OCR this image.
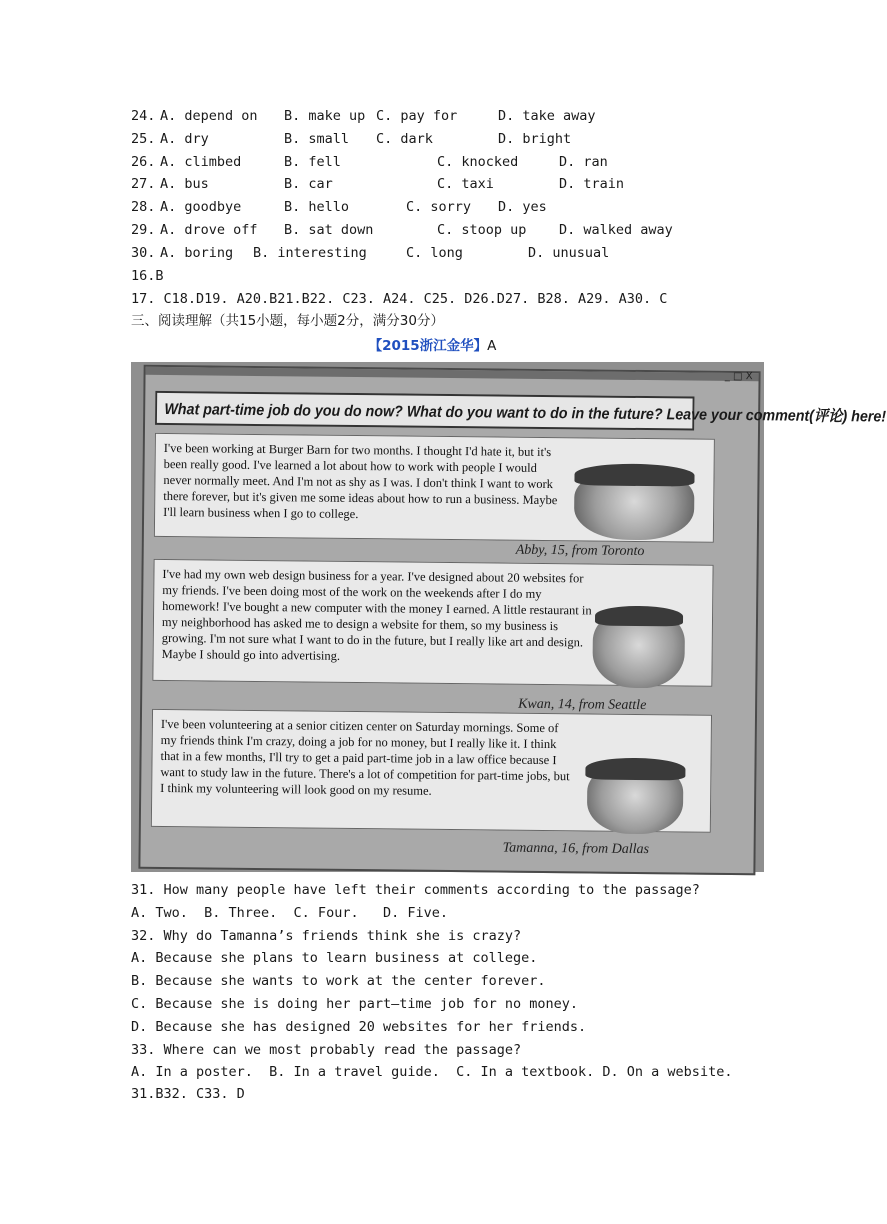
24. A. depend on B. make up C. pay for	D. take away
25. A. dry	B. small C. dark	D. bright
26. A. climbed	B. fell	C. knocked	D. ran
27. A. bus	B. car	C. taxi	D. train
28. A. goodbye	B. hello	C. sorry D. yes
29. A. drove off B. sat down	C. stoop up D. walked away
30. A. boring B. interesting	C. long	D. unusual
16.B
17. C18.D19. A20.B21.B22. C23. A24. C25. D26.D27. B28. A29. A30. C
三、阅读理解（共15小题，每小题2分，满分30分）
【2015浙江金华】A
_ □ X
What part-time job do you do now? What do you want to do in the future? Leave your comment(评论) here!

I've been working at Burger Barn for two months. I thought I'd hate it, but it's been really good. I've learned a lot about how to work with people I would never normally meet. And I'm not as shy as I was. I don't think I want to work there forever, but it's given me some ideas about how to run a business. Maybe I'll learn business when I go to college.

Abby, 15, from Toronto

I've had my own web design business for a year. I've designed about 20 websites for my friends. I've been doing most of the work on the weekends after I do my homework! I've bought a new computer with the money I earned. A little restaurant in my neighborhood has asked me to design a website for them, so my business is growing. I'm not sure what I want to do in the future, but I really like art and design. Maybe I should go into advertising.

Kwan, 14, from Seattle

I've been volunteering at a senior citizen center on Saturday mornings. Some of my friends think I'm crazy, doing a job for no money, but I really like it. I think that in a few months, I'll try to get a paid part-time job in a law office because I want to study law in the future. There's a lot of competition for part-time jobs, but I think my volunteering will look good on my resume.

Tamanna, 16, from Dallas
31. How many people have left their comments according to the passage?
A. Two.  B. Three.  C. Four.   D. Five.
32. Why do Tamanna’s friends think she is crazy?
A. Because she plans to learn business at college.
B. Because she wants to work at the center forever.
C. Because she is doing her part—time job for no money.
D. Because she has designed 20 websites for her friends.
33. Where can we most probably read the passage?
A. In a poster.  B. In a travel guide.  C. In a textbook. D. On a website.
31.B32. C33. D
